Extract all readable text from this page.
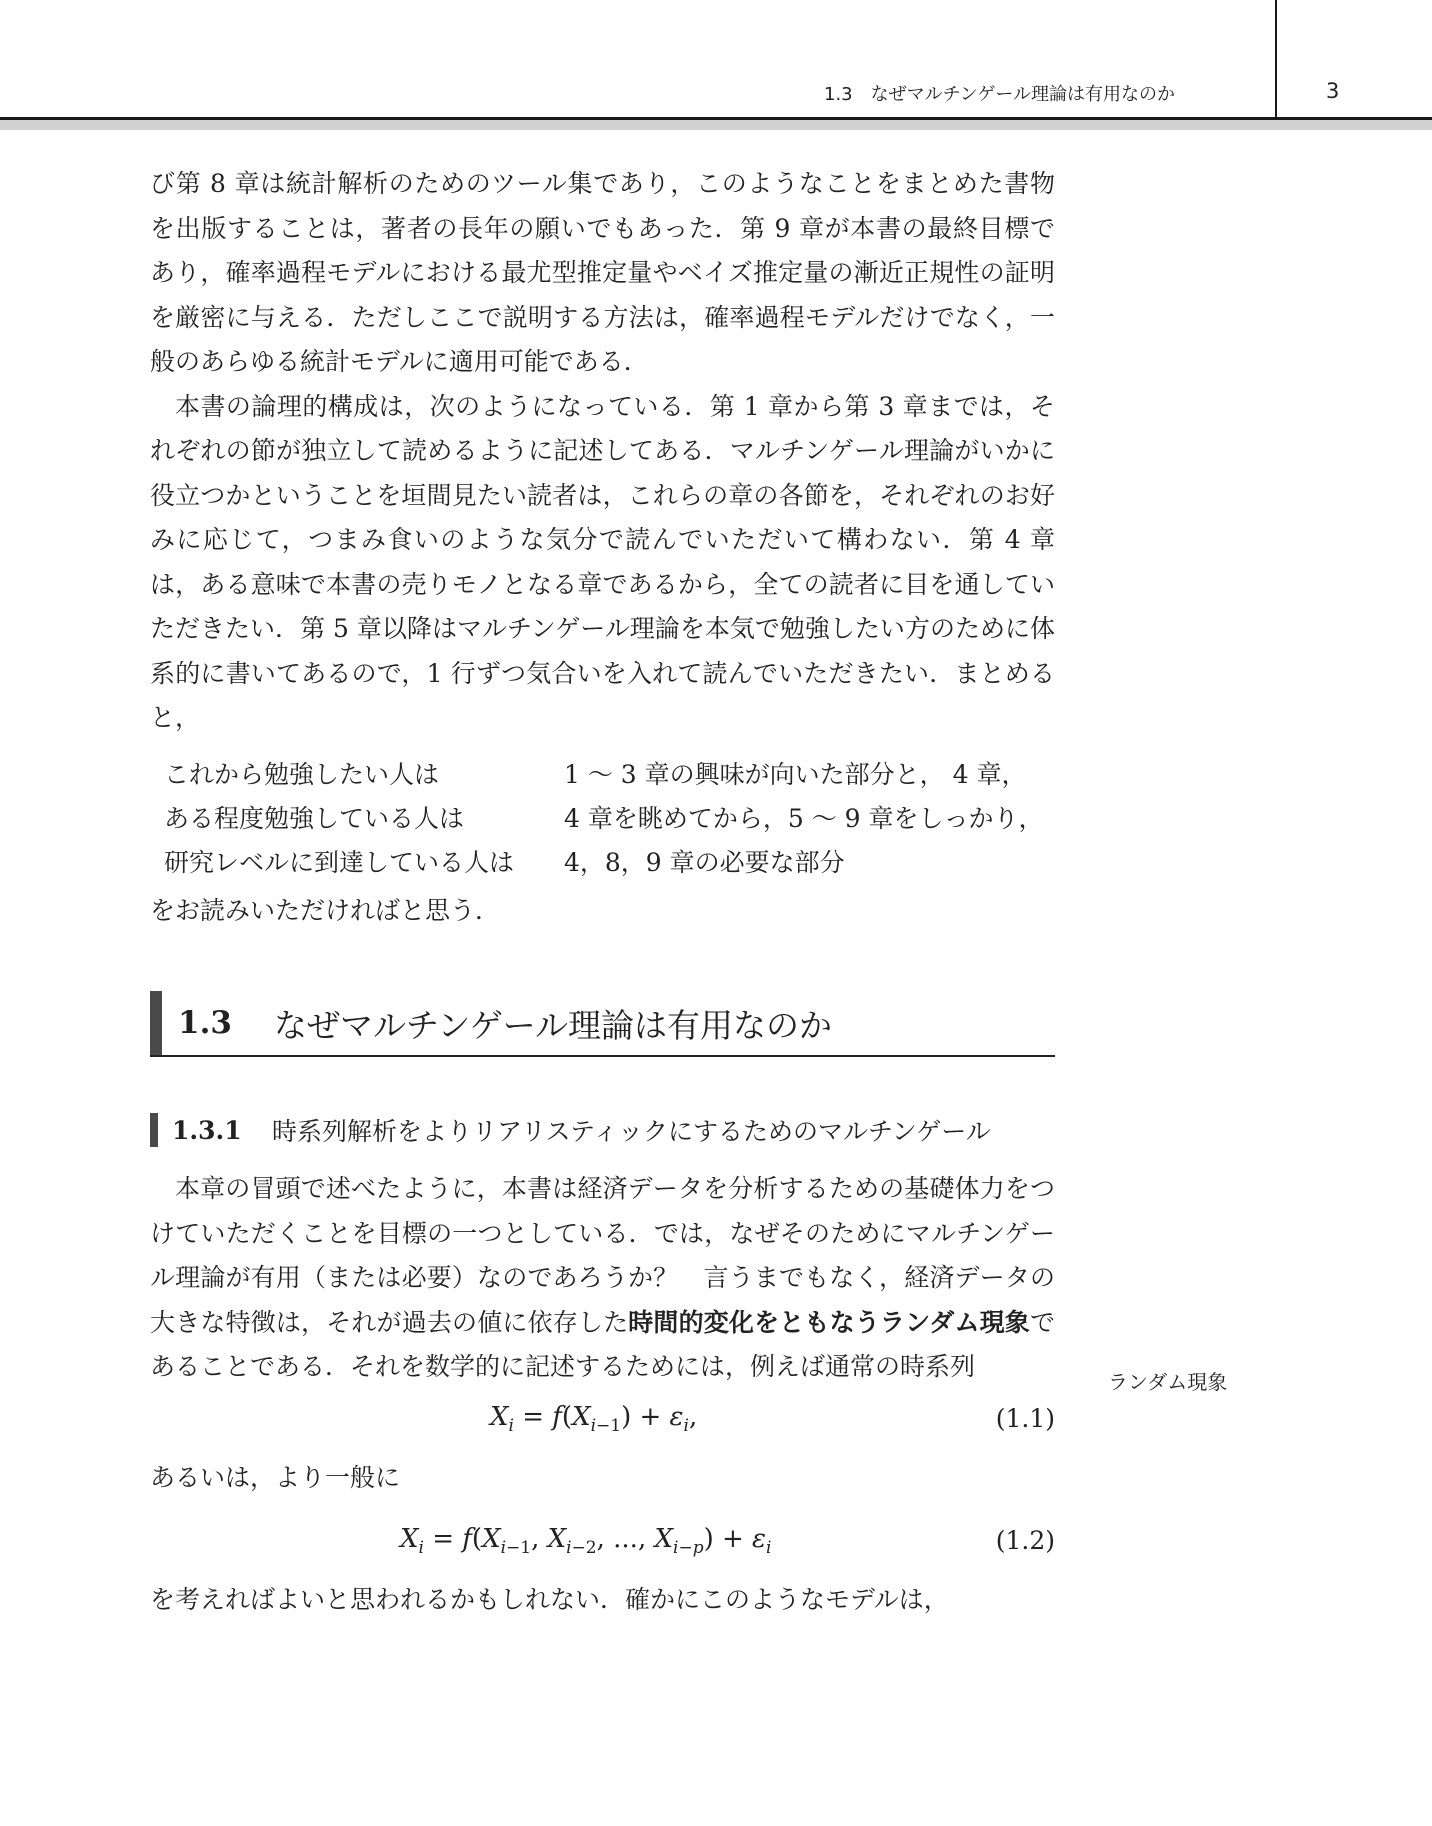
1.3　なぜマルチンゲール理論は有用なのか	3

び第 8 章は統計解析のためのツール集であり，このようなことをまとめた書物を出版することは，著者の長年の願いでもあった．第 9 章が本書の最終目標であり，確率過程モデルにおける最尤型推定量やベイズ推定量の漸近正規性の証明を厳密に与える．ただしここで説明する方法は，確率過程モデルだけでなく，一般のあらゆる統計モデルに適用可能である．

本書の論理的構成は，次のようになっている．第 1 章から第 3 章までは，それぞれの節が独立して読めるように記述してある．マルチンゲール理論がいかに役立つかということを垣間見たい読者は，これらの章の各節を，それぞれのお好みに応じて，つまみ食いのような気分で読んでいただいて構わない．第 4 章は，ある意味で本書の売りモノとなる章であるから，全ての読者に目を通していただきたい．第 5 章以降はマルチンゲール理論を本気で勉強したい方のために体系的に書いてあるので，1 行ずつ気合いを入れて読んでいただきたい．まとめると，

これから勉強したい人は	1 〜 3 章の興味が向いた部分と， 4 章，
ある程度勉強している人は	4 章を眺めてから，5 〜 9 章をしっかり，
研究レベルに到達している人は	4，8，9 章の必要な部分

をお読みいただければと思う．

1.3	なぜマルチンゲール理論は有用なのか
1.3.1	時系列解析をよりリアリスティックにするためのマルチンゲール

本章の冒頭で述べたように，本書は経済データを分析するための基礎体力をつけていただくことを目標の一つとしている．では，なぜそのためにマルチンゲール理論が有用（または必要）なのであろうか？　言うまでもなく，経済データの大きな特徴は，それが過去の値に依存した時間的変化をともなうランダム現象であることである．それを数学的に記述するためには，例えば通常の時系列

$X_i = f(X_{i-1}) + \varepsilon_i$,	(1.1)

あるいは，より一般に

$X_i = f(X_{i-1}$, $X_{i-2}$, ..., $X_{i-p}) + \varepsilon_i$	(1.2)

を考えればよいと思われるかもしれない．確かにこのようなモデルは，

ランダム現象
